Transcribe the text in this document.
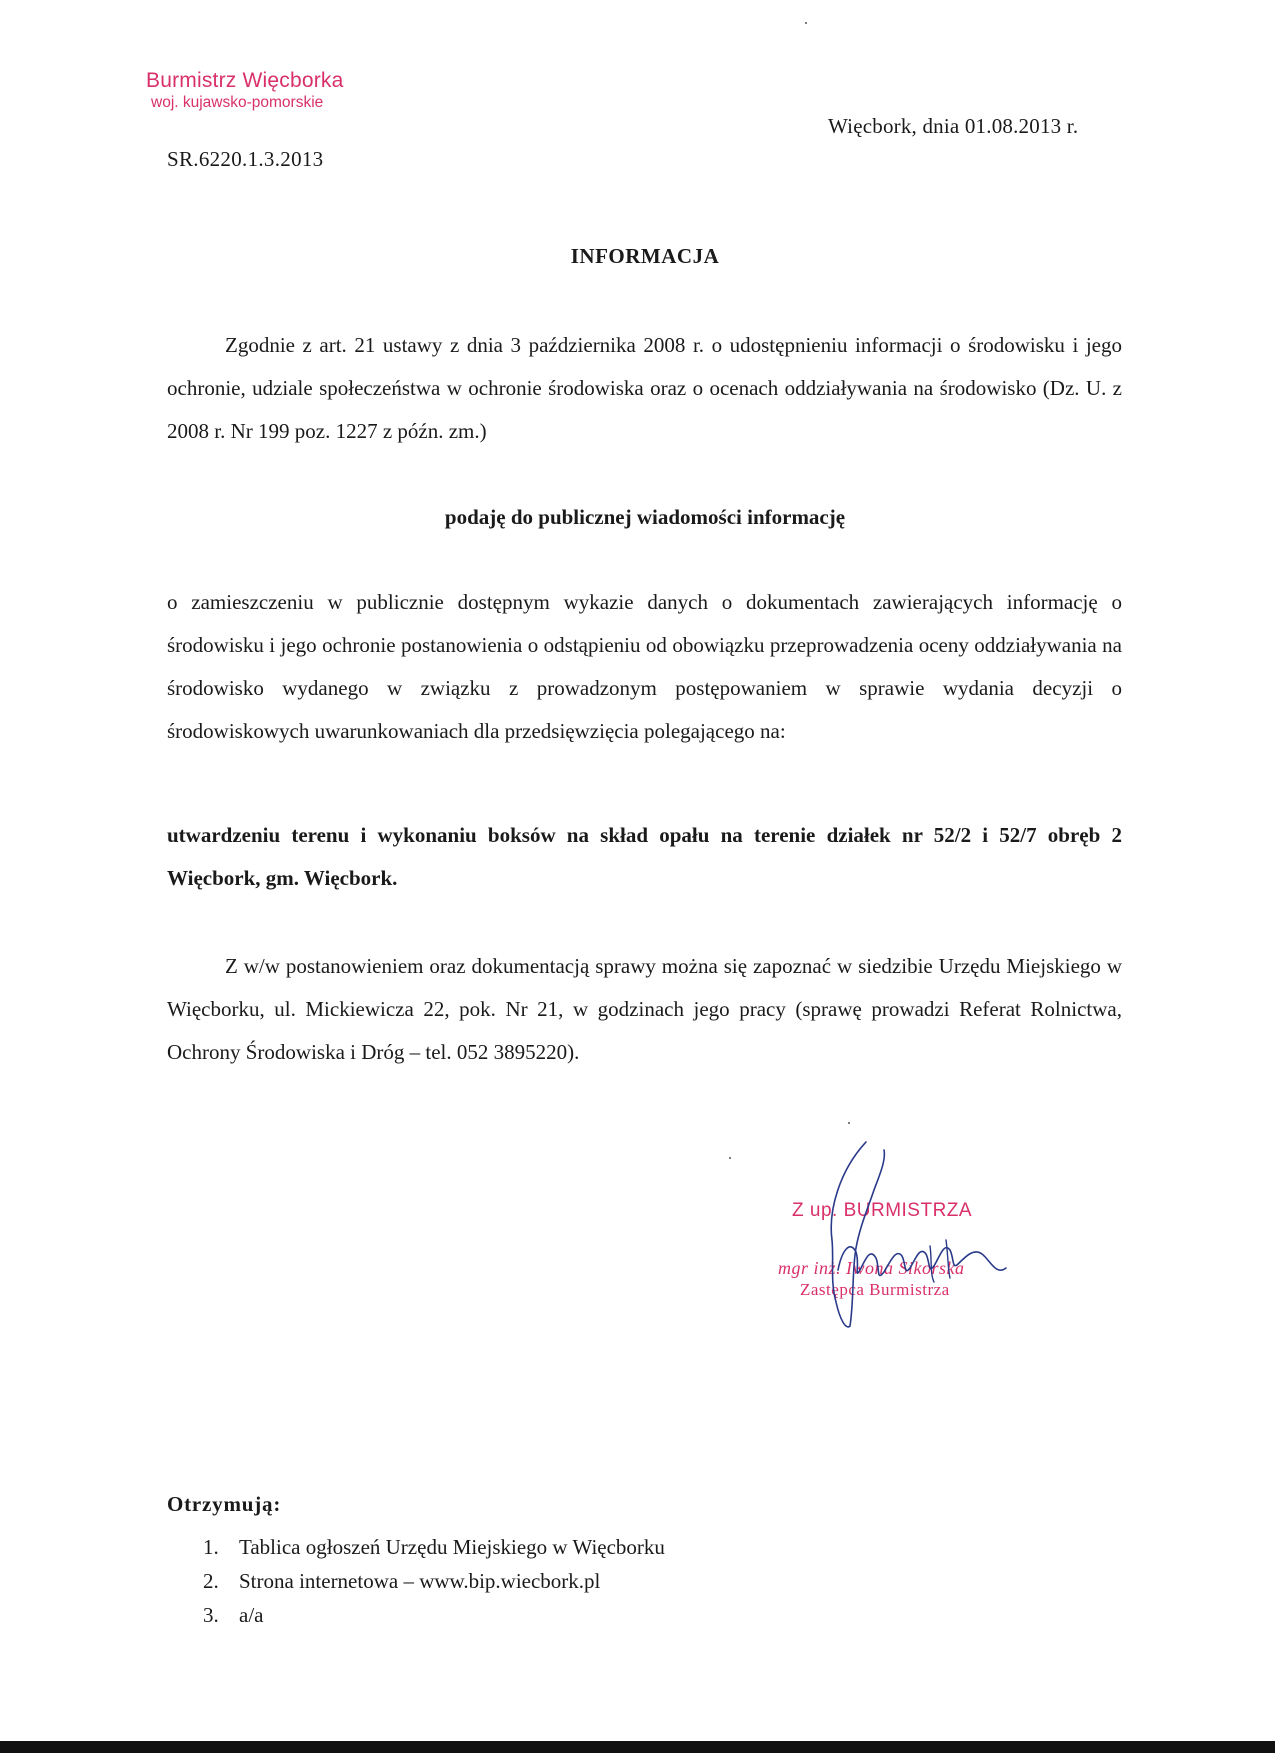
Burmistrz Więcborka
woj. kujawsko-pomorskie
SR.6220.1.3.2013
Więcbork, dnia 01.08.2013 r.
INFORMACJA
Zgodnie z art. 21 ustawy z dnia 3 października 2008 r. o udostępnieniu informacji o środowisku i jego ochronie, udziale społeczeństwa w ochronie środowiska oraz o ocenach oddziaływania na środowisko (Dz. U. z 2008 r. Nr 199 poz. 1227 z późn. zm.)
podaję do publicznej wiadomości informację
o zamieszczeniu w publicznie dostępnym wykazie danych o dokumentach zawierających informację o środowisku i jego ochronie postanowienia o odstąpieniu od obowiązku przeprowadzenia oceny oddziaływania na środowisko wydanego w związku z prowadzonym postępowaniem w sprawie wydania decyzji o środowiskowych uwarunkowaniach dla przedsięwzięcia polegającego na:
utwardzeniu terenu i wykonaniu boksów na skład opału na terenie działek nr 52/2 i 52/7 obręb 2 Więcbork, gm. Więcbork.
Z w/w postanowieniem oraz dokumentacją sprawy można się zapoznać w siedzibie Urzędu Miejskiego w Więcborku, ul. Mickiewicza 22, pok. Nr 21, w godzinach jego pracy (sprawę prowadzi Referat Rolnictwa, Ochrony Środowiska i Dróg – tel. 052 3895220).
Z up. BURMISTRZA
mgr inż. Iwona Sikorska
Zastępca Burmistrza
Otrzymują:
1. Tablica ogłoszeń Urzędu Miejskiego w Więcborku
2. Strona internetowa – www.bip.wiecbork.pl
3. a/a
